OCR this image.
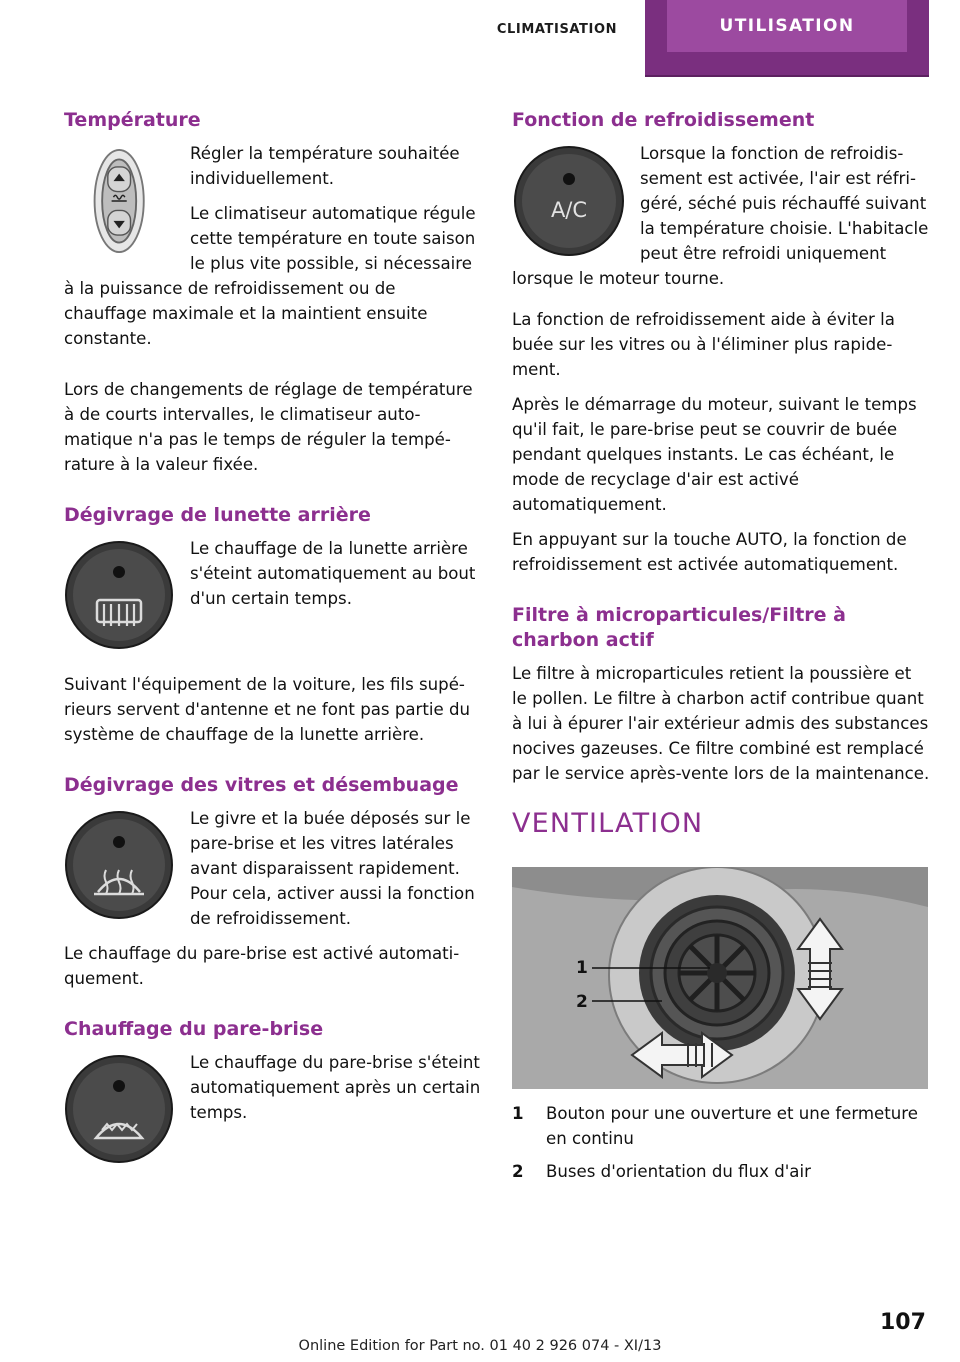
CLIMATISATION	UTILISATION
Température

Régler la température souhaitée individuellement.

Le climatiseur automatique régule cette température en toute saison le plus vite possible, si nécessaire à la puissance de refroidissement ou de chauffage maximale et la maintient ensuite constante.

Lors de changements de réglage de température à de courts intervalles, le climatiseur automatique n'a pas le temps de réguler la température à la valeur fixée.

Dégivrage de lunette arrière

Le chauffage de la lunette arrière s'éteint automatiquement au bout d'un certain temps.

Suivant l'équipement de la voiture, les fils supérieurs servent d'antenne et ne font pas partie du système de chauffage de la lunette arrière.

Dégivrage des vitres et désembuage

Le givre et la buée déposés sur le pare-brise et les vitres latérales avant disparaissent rapidement. Pour cela, activer aussi la fonction de refroidissement.

Le chauffage du pare-brise est activé automatiquement.

Chauffage du pare-brise

Le chauffage du pare-brise s'éteint automatiquement après un certain temps.

Fonction de refroidissement
A/C

Lorsque la fonction de refroidissement est activée, l'air est réfrigéré, séché puis réchauffé suivant la température choisie. L'habitacle peut être refroidi uniquement lorsque le moteur tourne.

La fonction de refroidissement aide à éviter la buée sur les vitres ou à l'éliminer plus rapidement.

Après le démarrage du moteur, suivant le temps qu'il fait, le pare-brise peut se couvrir de buée pendant quelques instants. Le cas échéant, le mode de recyclage d'air est activé automatiquement.

En appuyant sur la touche AUTO, la fonction de refroidissement est activée automatiquement.

Filtre à microparticules/Filtre à charbon actif

Le filtre à microparticules retient la poussière et le pollen. Le filtre à charbon actif contribue quant à lui à épurer l'air extérieur admis des substances nocives gazeuses. Ce filtre combiné est remplacé par le service après-vente lors de la maintenance.

VENTILATION
1
2
1	Bouton pour une ouverture et une fermeture en continu
2	Buses d'orientation du flux d'air
107
Online Edition for Part no. 01 40 2 926 074 - XI/13
